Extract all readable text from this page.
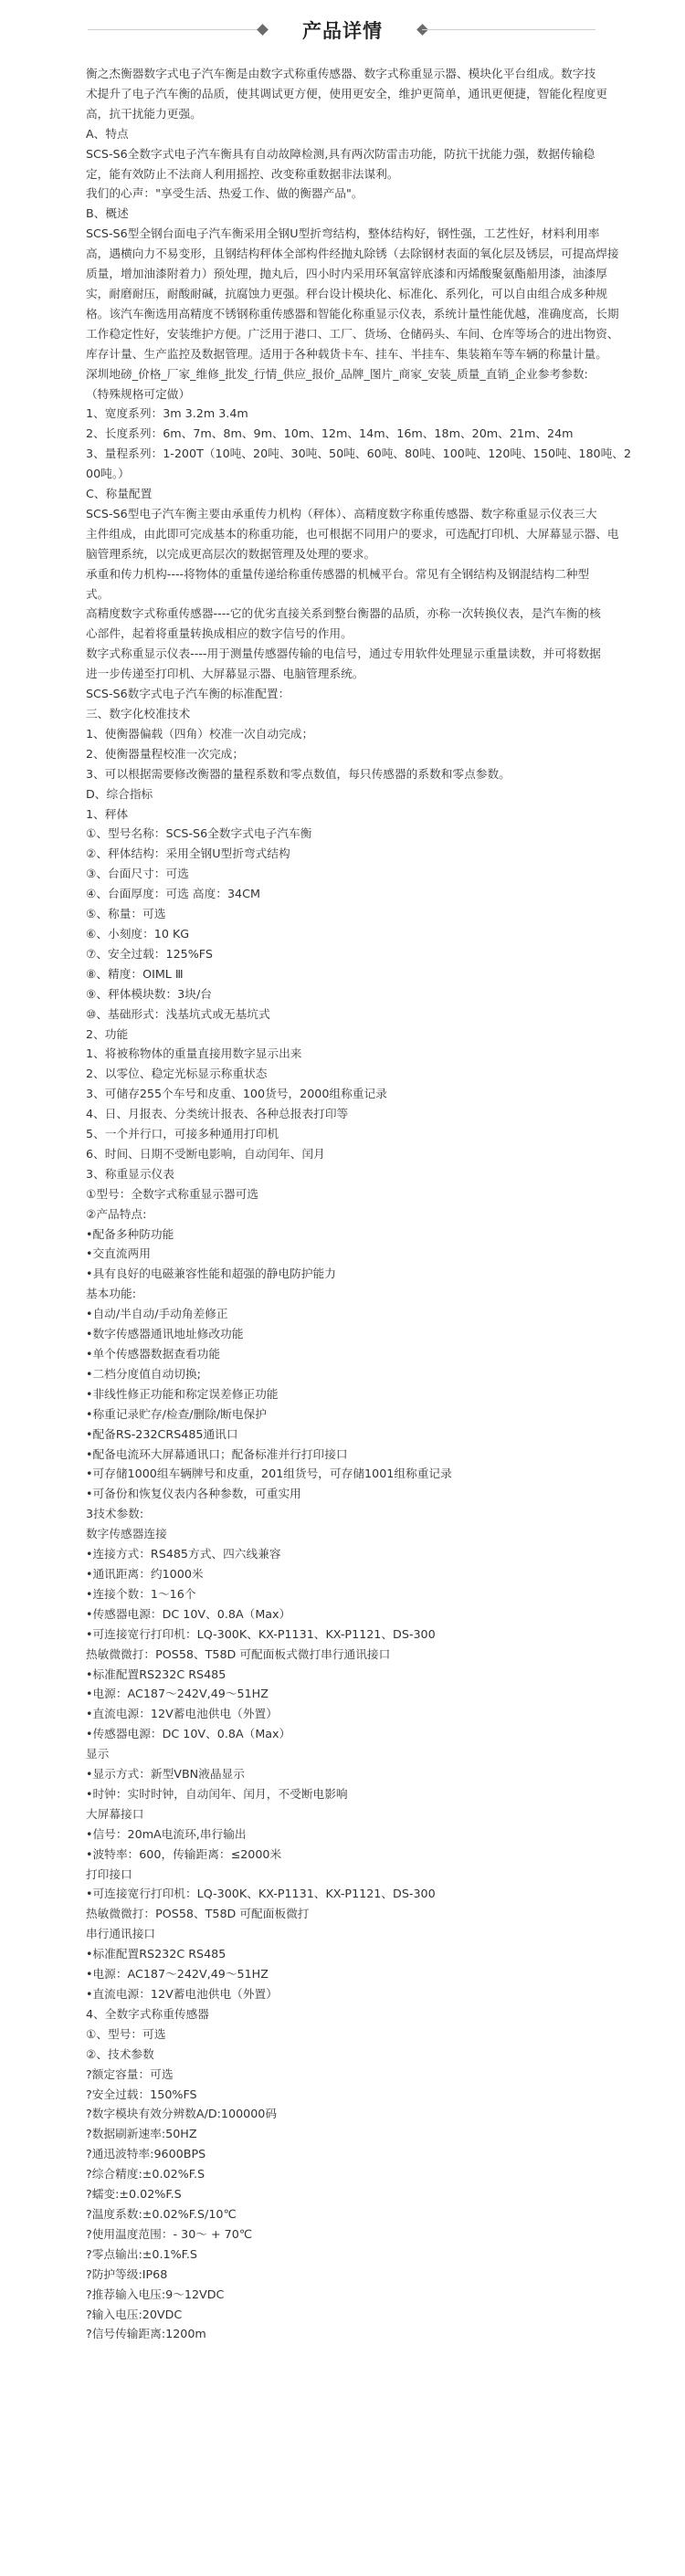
产品详情
衡之杰衡器数字式电子汽车衡是由数字式称重传感器、数字式称重显示器、模块化平台组成。数字技
术提升了电子汽车衡的品质，使其调试更方便，使用更安全，维护更简单，通讯更便捷，智能化程度更
高，抗干扰能力更强。
A、特点
SCS-S6全数字式电子汽车衡具有自动故障检测,具有两次防雷击功能，防抗干扰能力强，数据传输稳
定，能有效防止不法商人利用摇控、改变称重数据非法谋利。
我们的心声："享受生活、热爱工作、做的衡器产品"。
B、概述
SCS-S6型全钢台面电子汽车衡采用全钢U型折弯结构，整体结构好，钢性强，工艺性好，材料利用率
高，遇横向力不易变形，且钢结构秤体全部构件经抛丸除锈（去除钢材表面的氧化层及锈层，可提高焊接
质量，增加油漆附着力）预处理，抛丸后，四小时内采用环氧富锌底漆和丙烯酸聚氨酯船用漆，油漆厚
实，耐磨耐压，耐酸耐碱，抗腐蚀力更强。秤台设计模块化、标准化、系列化，可以自由组合成多种规
格。该汽车衡选用高精度不锈钢称重传感器和智能化称重显示仪表，系统计量性能优越，准确度高，长期
工作稳定性好，安装维护方便。广泛用于港口、工厂、货场、仓储码头、车间、仓库等场合的进出物资、
库存计量、生产监控及数据管理。适用于各种载货卡车、挂车、半挂车、集装箱车等车辆的称量计量。
深圳地磅_价格_厂家_维修_批发_行情_供应_报价_品牌_图片_商家_安装_质量_直销_企业参考参数:
（特殊规格可定做）
1、宽度系列：3m 3.2m 3.4m
2、长度系列：6m、7m、8m、9m、10m、12m、14m、16m、18m、20m、21m、24m
3、量程系列：1-200T（10吨、20吨、30吨、50吨、60吨、80吨、100吨、120吨、150吨、180吨、2
00吨。）
C、称量配置
SCS-S6型电子汽车衡主要由承重传力机构（秤体）、高精度数字称重传感器、数字称重显示仪表三大
主件组成，由此即可完成基本的称重功能，也可根据不同用户的要求，可选配打印机、大屏幕显示器、电
脑管理系统，以完成更高层次的数据管理及处理的要求。
承重和传力机构----将物体的重量传递给称重传感器的机械平台。常见有全钢结构及钢混结构二种型
式。
高精度数字式称重传感器----它的优劣直接关系到整台衡器的品质，亦称一次转换仪表，是汽车衡的核
心部件，起着将重量转换成相应的数字信号的作用。
数字式称重显示仪表----用于测量传感器传输的电信号，通过专用软件处理显示重量读数，并可将数据
进一步传递至打印机、大屏幕显示器、电脑管理系统。
SCS-S6数字式电子汽车衡的标准配置：
三、数字化校准技术
1、使衡器偏载（四角）校准一次自动完成；
2、使衡器量程校准一次完成；
3、可以根据需要修改衡器的量程系数和零点数值，每只传感器的系数和零点参数。
D、综合指标
1、秤体
①、型号名称：SCS-S6全数字式电子汽车衡
②、秤体结构：采用全钢U型折弯式结构
③、台面尺寸：可选
④、台面厚度：可选 高度：34CM
⑤、称量：可选
⑥、小刻度：10 KG
⑦、安全过载：125%FS
⑧、精度：OIML Ⅲ
⑨、秤体模块数：3块/台
⑩、基础形式：浅基坑式或无基坑式
2、功能
1、将被称物体的重量直接用数字显示出来
2、以零位、稳定光标显示称重状态
3、可储存255个车号和皮重、100货号，2000组称重记录
4、日、月报表、分类统计报表、各种总报表打印等
5、一个并行口，可接多种通用打印机
6、时间、日期不受断电影响，自动闰年、闰月
3、称重显示仪表
①型号：全数字式称重显示器可选
②产品特点:
•配备多种防功能
•交直流两用
•具有良好的电磁兼容性能和超强的静电防护能力
基本功能:
•自动/半自动/手动角差修正
•数字传感器通讯地址修改功能
•单个传感器数据查看功能
•二档分度值自动切换;
•非线性修正功能和称定误差修正功能
•称重记录贮存/检查/删除/断电保护
•配备RS-232CRS485通讯口
•配备电流环大屏幕通讯口；配备标准并行打印接口
•可存储1000组车辆牌号和皮重，201组货号，可存储1001组称重记录
•可备份和恢复仪表内各种参数，可重实用
3技术参数:
数字传感器连接
•连接方式：RS485方式、四六线兼容
•通讯距离：约1000米
•连接个数：1～16个
•传感器电源：DC 10V、0.8A（Max）
•可连接宽行打印机：LQ-300K、KX-P1131、KX-P1121、DS-300
热敏微微打：POS58、T58D 可配面板式微打串行通讯接口
•标准配置RS232C RS485
•电源：AC187～242V,49～51HZ
•直流电源：12V蓄电池供电（外置）
•传感器电源：DC 10V、0.8A（Max）
显示
•显示方式：新型VBN液晶显示
•时钟：实时时钟，自动闰年、闰月，不受断电影响
大屏幕接口
•信号：20mA电流环,串行输出
•波特率：600，传输距离：≤2000米
打印接口
•可连接宽行打印机：LQ-300K、KX-P1131、KX-P1121、DS-300
热敏微微打：POS58、T58D 可配面板微打
串行通讯接口
•标准配置RS232C RS485
•电源：AC187～242V,49～51HZ
•直流电源：12V蓄电池供电（外置）
4、全数字式称重传感器
①、型号：可选
②、技术参数
?额定容量：可选
?安全过载：150%FS
?数字模块有效分辨数A/D:100000码
?数据刷新速率:50HZ
?通迅波特率:9600BPS
?综合精度:±0.02%F.S
?蠕变:±0.02%F.S
?温度系数:±0.02%F.S/10℃
?使用温度范围：- 30～ + 70℃
?零点输出:±0.1%F.S
?防护等级:IP68
?推荐输入电压:9～12VDC
?输入电压:20VDC
?信号传输距离:1200m
